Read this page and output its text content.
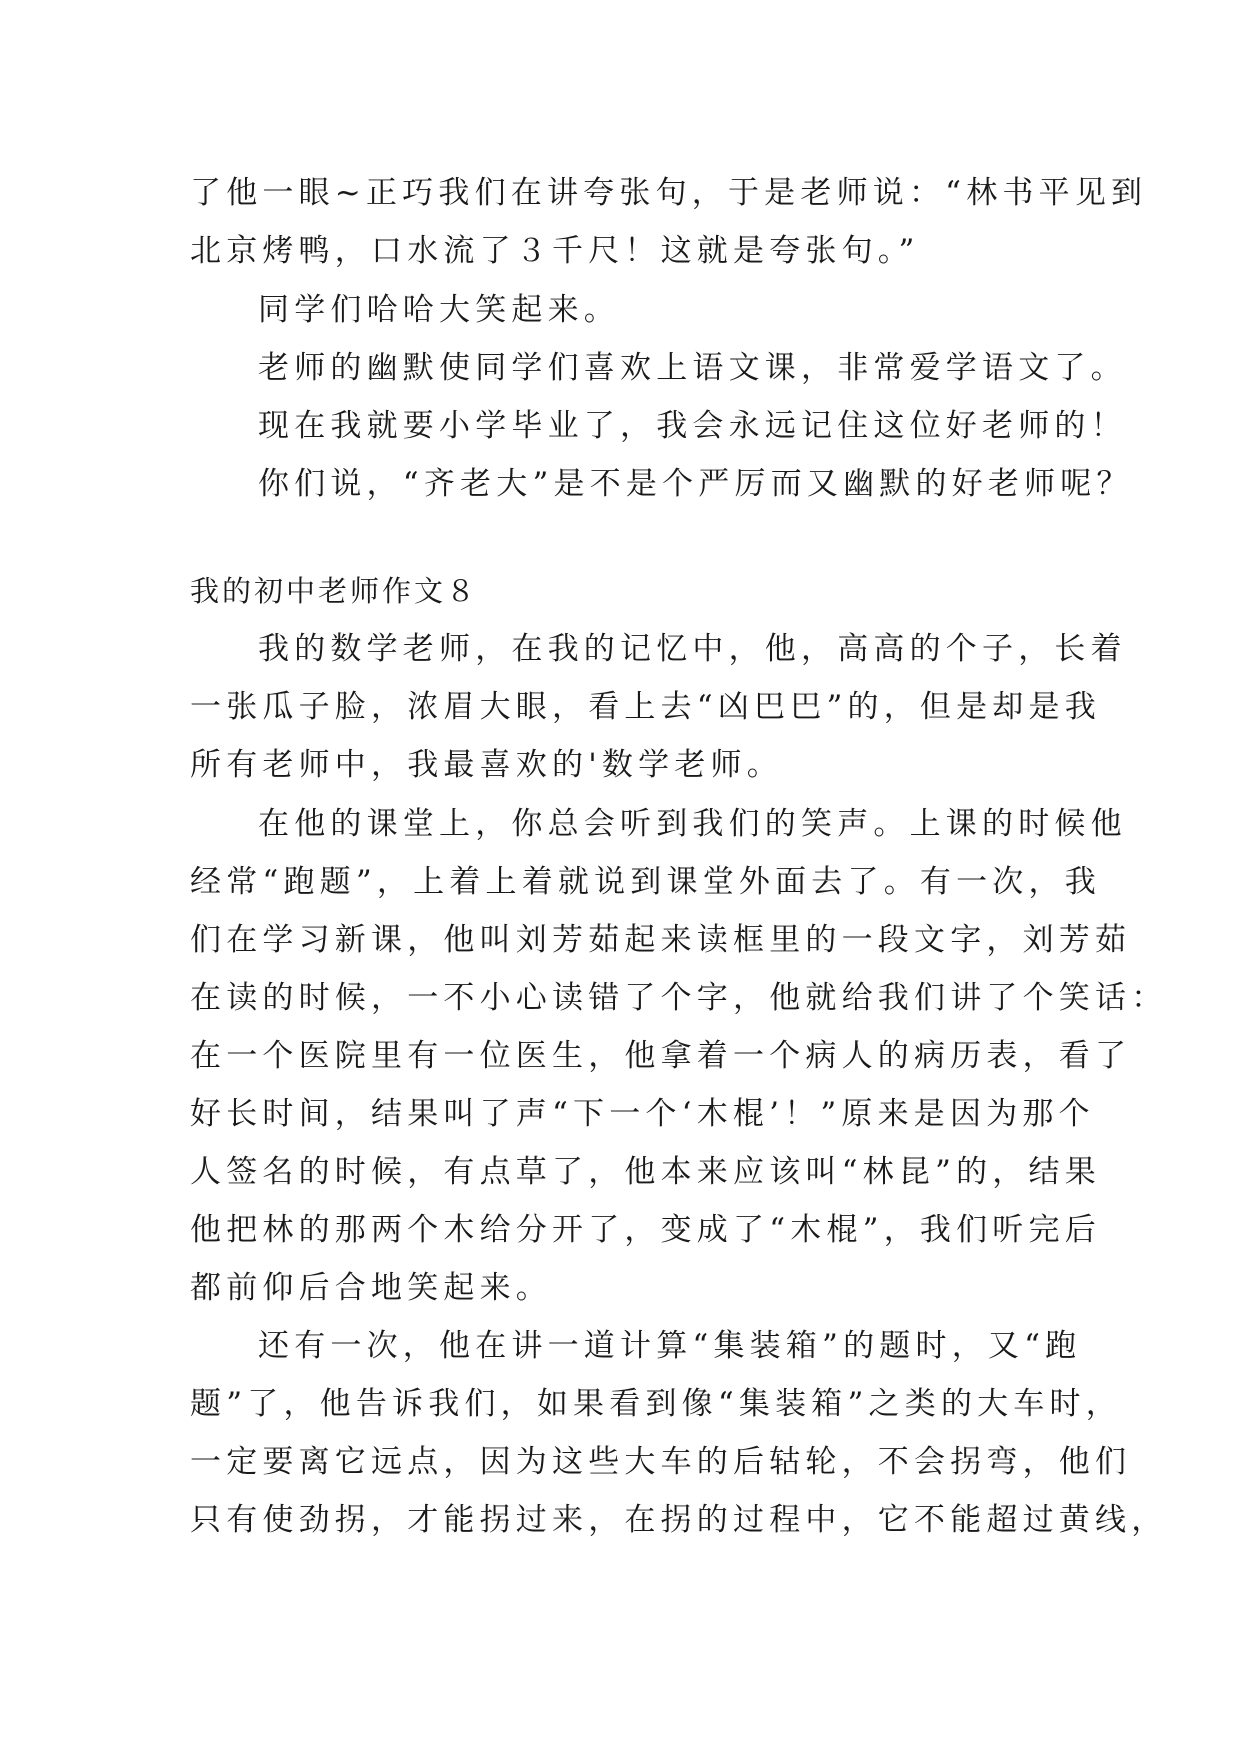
了他一眼~正巧我们在讲夸张句，于是老师说：“林书平见到
北京烤鸭，口水流了３千尺！这就是夸张句。”
同学们哈哈大笑起来。
老师的幽默使同学们喜欢上语文课，非常爱学语文了。
现在我就要小学毕业了，我会永远记住这位好老师的！
你们说，“齐老大”是不是个严厉而又幽默的好老师呢？
我的初中老师作文８
我的数学老师，在我的记忆中，他，高高的个子，长着
一张瓜子脸，浓眉大眼，看上去“凶巴巴”的，但是却是我
所有老师中，我最喜欢的'数学老师。
在他的课堂上，你总会听到我们的笑声。上课的时候他
经常“跑题”，上着上着就说到课堂外面去了。有一次，我
们在学习新课，他叫刘芳茹起来读框里的一段文字，刘芳茹
在读的时候，一不小心读错了个字，他就给我们讲了个笑话：
在一个医院里有一位医生，他拿着一个病人的病历表，看了
好长时间，结果叫了声“下一个‘木棍’！”原来是因为那个
人签名的时候，有点草了，他本来应该叫“林昆”的，结果
他把林的那两个木给分开了，变成了“木棍”，我们听完后
都前仰后合地笑起来。
还有一次，他在讲一道计算“集装箱”的题时，又“跑
题”了，他告诉我们，如果看到像“集装箱”之类的大车时，
一定要离它远点，因为这些大车的后轱轮，不会拐弯，他们
只有使劲拐，才能拐过来，在拐的过程中，它不能超过黄线，
